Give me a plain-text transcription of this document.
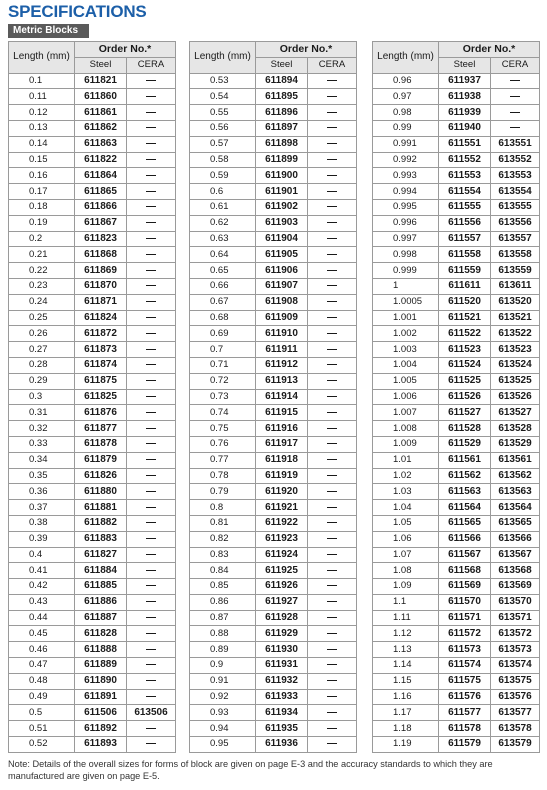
SPECIFICATIONS
Metric Blocks
Length (mm)	Order No.*	
	Steel	CERA
0.1	611821	—
0.11	611860	—
0.12	611861	—
0.13	611862	—
0.14	611863	—
0.15	611822	—
0.16	611864	—
0.17	611865	—
0.18	611866	—
0.19	611867	—
0.2	611823	—
0.21	611868	—
0.22	611869	—
0.23	611870	—
0.24	611871	—
0.25	611824	—
0.26	611872	—
0.27	611873	—
0.28	611874	—
0.29	611875	—
0.3	611825	—
0.31	611876	—
0.32	611877	—
0.33	611878	—
0.34	611879	—
0.35	611826	—
0.36	611880	—
0.37	611881	—
0.38	611882	—
0.39	611883	—
0.4	611827	—
0.41	611884	—
0.42	611885	—
0.43	611886	—
0.44	611887	—
0.45	611828	—
0.46	611888	—
0.47	611889	—
0.48	611890	—
0.49	611891	—
0.5	611506	613506
0.51	611892	—
0.52	611893	—
Length (mm)	Order No.*	
	Steel	CERA
0.53	611894	—
0.54	611895	—
0.55	611896	—
0.56	611897	—
0.57	611898	—
0.58	611899	—
0.59	611900	—
0.6	611901	—
0.61	611902	—
0.62	611903	—
0.63	611904	—
0.64	611905	—
0.65	611906	—
0.66	611907	—
0.67	611908	—
0.68	611909	—
0.69	611910	—
0.7	611911	—
0.71	611912	—
0.72	611913	—
0.73	611914	—
0.74	611915	—
0.75	611916	—
0.76	611917	—
0.77	611918	—
0.78	611919	—
0.79	611920	—
0.8	611921	—
0.81	611922	—
0.82	611923	—
0.83	611924	—
0.84	611925	—
0.85	611926	—
0.86	611927	—
0.87	611928	—
0.88	611929	—
0.89	611930	—
0.9	611931	—
0.91	611932	—
0.92	611933	—
0.93	611934	—
0.94	611935	—
0.95	611936	—
Length (mm)	Order No.*	
	Steel	CERA
0.96	611937	—
0.97	611938	—
0.98	611939	—
0.99	611940	—
0.991	611551	613551
0.992	611552	613552
0.993	611553	613553
0.994	611554	613554
0.995	611555	613555
0.996	611556	613556
0.997	611557	613557
0.998	611558	613558
0.999	611559	613559
1	611611	613611
1.0005	611520	613520
1.001	611521	613521
1.002	611522	613522
1.003	611523	613523
1.004	611524	613524
1.005	611525	613525
1.006	611526	613526
1.007	611527	613527
1.008	611528	613528
1.009	611529	613529
1.01	611561	613561
1.02	611562	613562
1.03	611563	613563
1.04	611564	613564
1.05	611565	613565
1.06	611566	613566
1.07	611567	613567
1.08	611568	613568
1.09	611569	613569
1.1	611570	613570
1.11	611571	613571
1.12	611572	613572
1.13	611573	613573
1.14	611574	613574
1.15	611575	613575
1.16	611576	613576
1.17	611577	613577
1.18	611578	613578
1.19	611579	613579
Note: Details of the overall sizes for forms of block are given on page E-3 and the accuracy standards to which they are manufactured are given on page E-5.
